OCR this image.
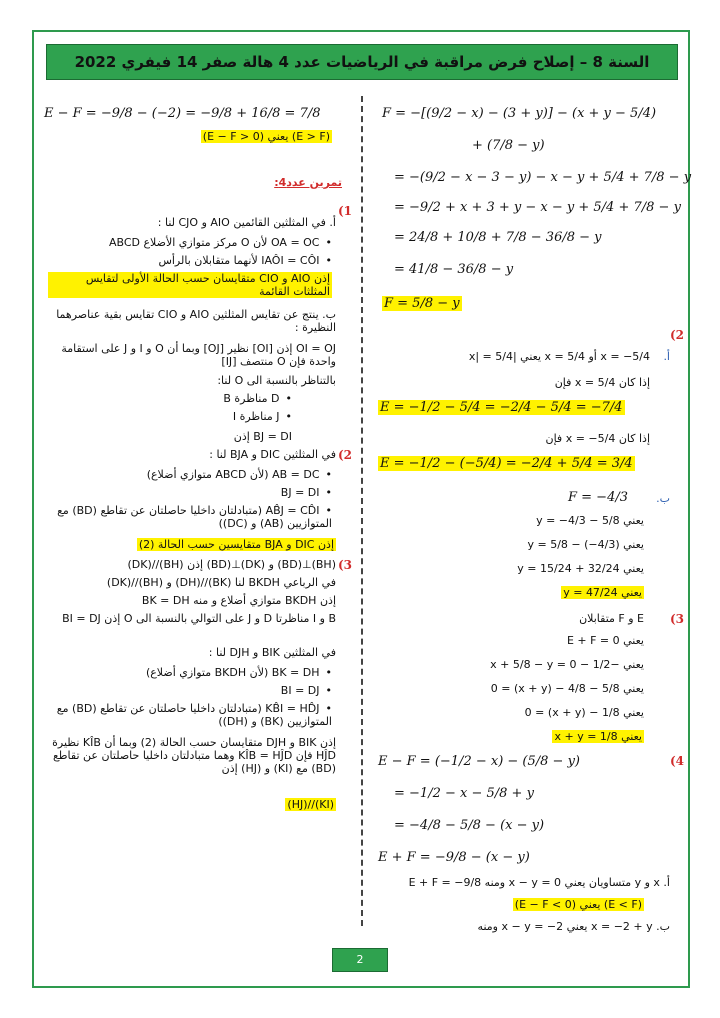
السنة 8 – إصلاح فرض مراقبة في الرياضيات عدد 4 هالة صفر 14 فيفري 2022
F = −[(9/2 − x) − (3 + y)] − (x + y − 5/4)
+ (7/8 − y)
= −(9/2 − x − 3 − y) − x − y + 5/4 + 7/8 − y
= −9/2 + x + 3 + y − x − y + 5/4 + 7/8 − y
= 24/8 + 10/8 + 7/8 − 36/8 − y
= 41/8 − 36/8 − y
F = 5/8 − y
(2
أ.
x = −5/4 أو x = 5/4 يعني |x| = 5/4
إذا كان x = 5/4 فإن
E = −1/2 − 5/4 = −2/4 − 5/4 = −7/4
إذا كان x = −5/4 فإن
E = −1/2 − (−5/4) = −2/4 + 5/4 = 3/4
ب.
F = −4/3
يعني 5/8 − y = −4/3
يعني y = 5/8 − (−4/3)
يعني y = 15/24 + 32/24
يعني y = 47/24
(3
E و F متقابلان
يعني E + F = 0
يعني −1/2 − x + 5/8 − y = 0
يعني 5/8 − 4/8 − (x + y) = 0
يعني 1/8 − (x + y) = 0
يعني x + y = 1/8
(4
E − F = (−1/2 − x) − (5/8 − y)
= −1/2 − x − 5/8 + y
= −4/8 − 5/8 − (x − y)
E + F = −9/8 − (x − y)
أ. x و y متساويان يعني x − y = 0 ومنه E + F = −9/8
(E < F) يعني (E − F < 0)
ب. x = −2 + y يعني x − y = −2 ومنه
E − F = −9/8 − (−2) = −9/8 + 16/8 = 7/8
(E > F) يعني (E − F > 0)
تمرين عدد4:
(1
أ. في المثلثين القائمين AIO و CJO لنا :
• OA = OC لأن O مركز متوازي الأضلاع ABCD
• IAÔI = CÔI لأنهما متقابلان بالرأس
إذن AIO و CIO متقايسان حسب الحالة الأولى لتقايس المثلثات القائمة
ب. ينتج عن تقايس المثلثين AIO و CIO تقايس بقية عناصرهما النظيرة :
OI = OJ إذن [OI] نظير [OJ] وبما أن O و I و J على استقامة واحدة فإن O منتصف [IJ]
بالتناظر بالنسبة الى O لنا:
• D مناظرة B
• J مناظرة I
BJ = DI إذن
(2
في المثلثين DIC و BJA لنا :
• AB = DC (لأن ABCD متوازي أضلاع)
• BJ = DI
• AB̂J = CD̂I (متبادلتان داخليا حاصلتان عن تقاطع (BD) مع المتوازيين (AB) و (DC))
إذن DIC و BJA متقايسين حسب الحالة (2)
(3
(BH)⊥(BD) و (DK)⊥(BD) إذن (BH)//(DK)
في الرباعي BKDH لنا (BK)//(DH) و (BH)//(DK)
إذن BKDH متوازي أضلاع و منه BK = DH
B و I مناظرتا D و J على التوالي بالنسبة الى O إذن BI = DJ
في المثلثين BIK و DJH لنا :
• BK = DH (لأن BKDH متوازي أضلاع)
• BI = DJ
• KB̂I = HD̂J (متبادلتان داخليا حاصلتان عن تقاطع (BD) مع المتوازيين (BK) و (DH))
إذن BIK و DJH متقايسان حسب الحالة (2) وبما أن KÎB نظيرة HĴD فإن KÎB = HĴD وهما متبادلتان داخليا حاصلتان عن تقاطع (BD) مع (KI) و (HJ) إذن
(KI)//(HJ)
2
